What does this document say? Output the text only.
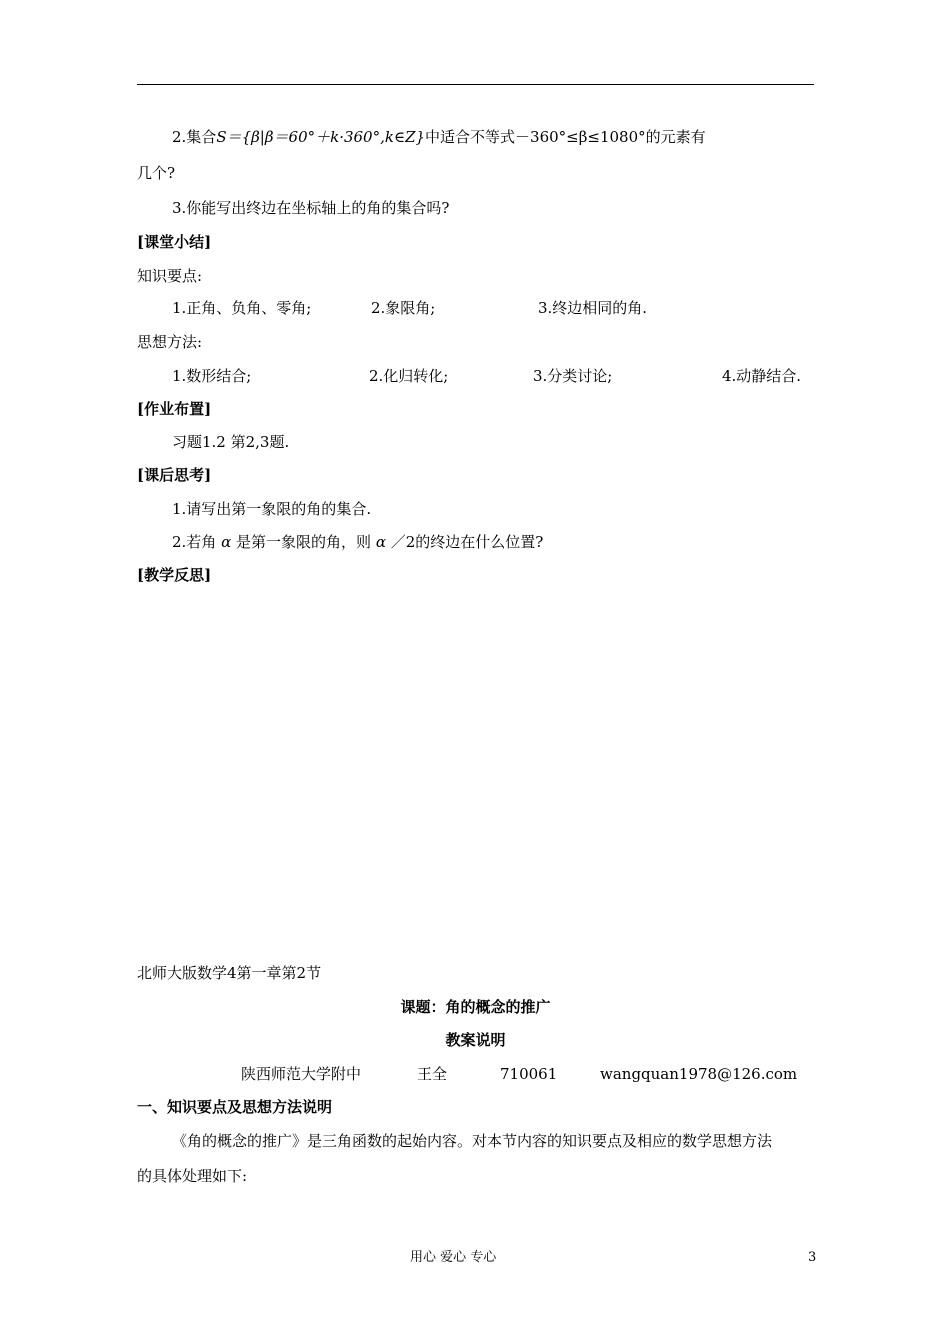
2.集合S＝{β|β＝60°＋k·360°,k∈Z}中适合不等式－360°≤β≤1080°的元素有
几个?
3.你能写出终边在坐标轴上的角的集合吗?
[课堂小结]
知识要点:
1.正角、负角、零角;	2.象限角;	3.终边相同的角.
思想方法:
1.数形结合;	2.化归转化;	3.分类讨论;	4.动静结合.
[作业布置]
习题1.2 第2,3题.
[课后思考]
1.请写出第一象限的角的集合.
2.若角 α 是第一象限的角，则 α ／2的终边在什么位置?
[教学反思]
北师大版数学4第一章第2节
课题：角的概念的推广
教案说明
陕西师范大学附中	王全	710061	wangquan1978@126.com
一、知识要点及思想方法说明
《角的概念的推广》是三角函数的起始内容。对本节内容的知识要点及相应的数学思想方法
的具体处理如下:
用心 爱心 专心	3
